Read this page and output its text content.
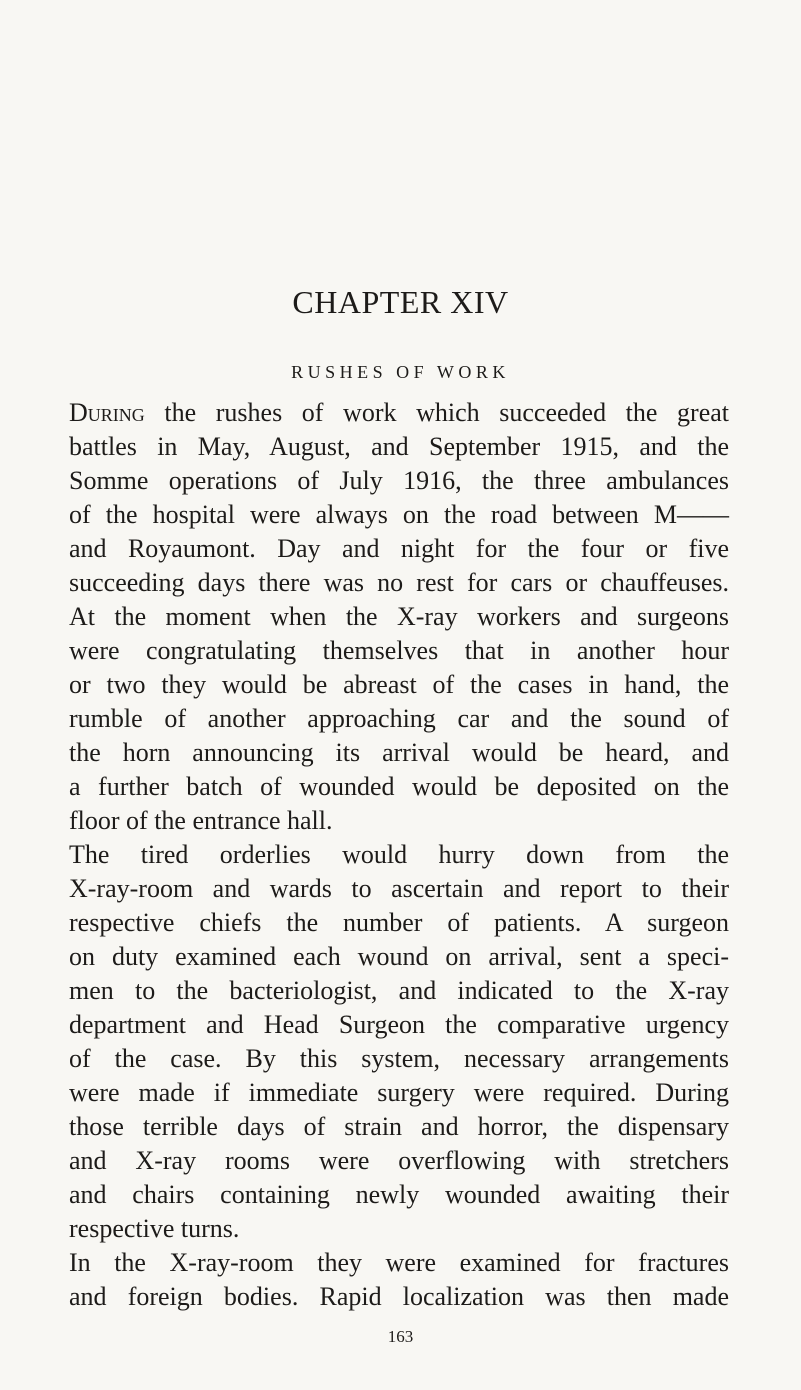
CHAPTER XIV
RUSHES OF WORK
During the rushes of work which succeeded the great
battles in May, August, and September 1915, and the
Somme operations of July 1916, the three ambulances
of the hospital were always on the road between M——
and Royaumont. Day and night for the four or five
succeeding days there was no rest for cars or chauffeuses.
At the moment when the X-ray workers and surgeons
were congratulating themselves that in another hour
or two they would be abreast of the cases in hand, the
rumble of another approaching car and the sound of
the horn announcing its arrival would be heard, and
a further batch of wounded would be deposited on the
floor of the entrance hall.
The tired orderlies would hurry down from the
X-ray-room and wards to ascertain and report to their
respective chiefs the number of patients. A surgeon
on duty examined each wound on arrival, sent a speci-
men to the bacteriologist, and indicated to the X-ray
department and Head Surgeon the comparative urgency
of the case. By this system, necessary arrangements
were made if immediate surgery were required. During
those terrible days of strain and horror, the dispensary
and X-ray rooms were overflowing with stretchers
and chairs containing newly wounded awaiting their
respective turns.
In the X-ray-room they were examined for fractures
and foreign bodies. Rapid localization was then made
163
